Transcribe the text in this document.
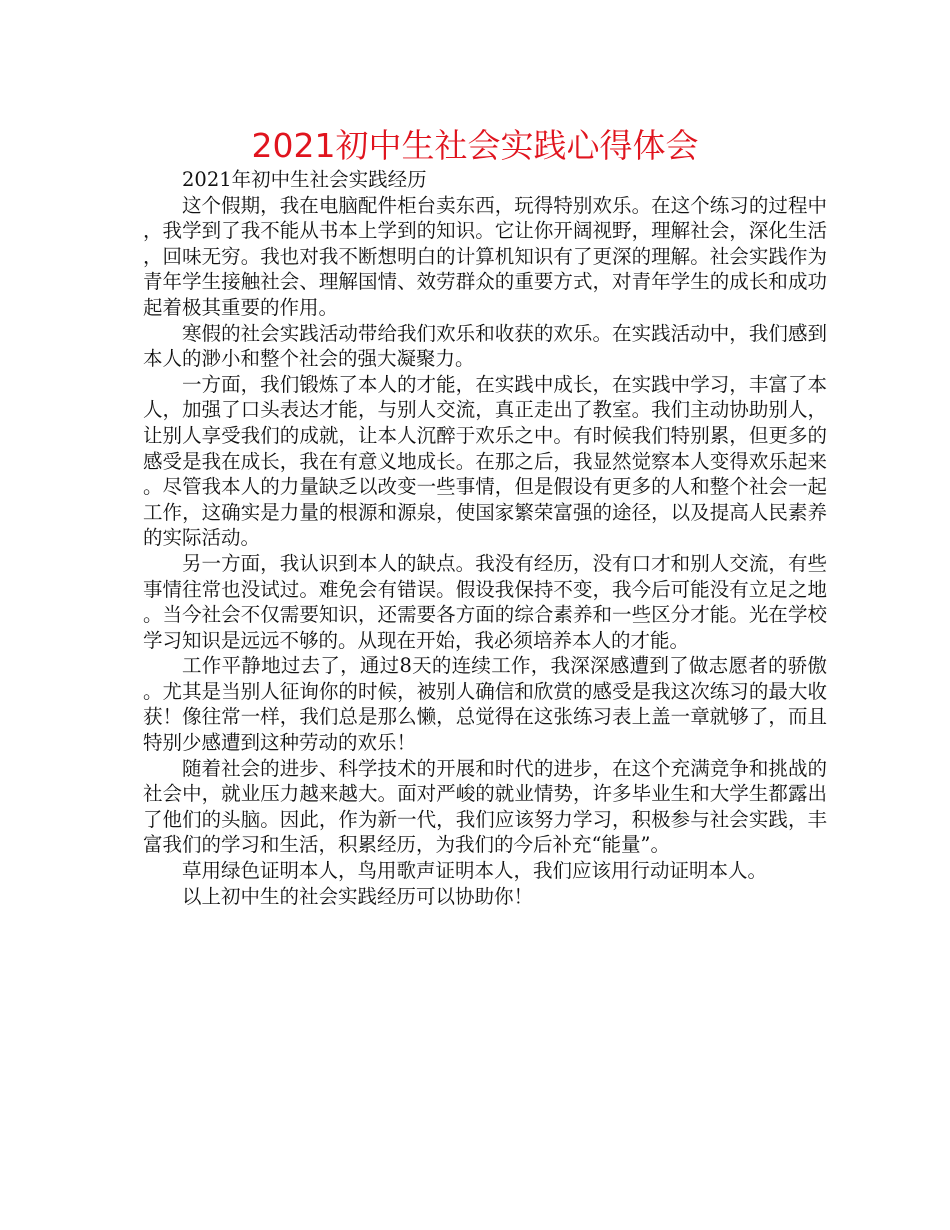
2021初中生社会实践心得体会

2021年初中生社会实践经历

这个假期，我在电脑配件柜台卖东西，玩得特别欢乐。在这个练习的过程中，我学到了我不能从书本上学到的知识。它让你开阔视野，理解社会，深化生活，回味无穷。我也对我不断想明白的计算机知识有了更深的理解。社会实践作为青年学生接触社会、理解国情、效劳群众的重要方式，对青年学生的成长和成功起着极其重要的作用。

寒假的社会实践活动带给我们欢乐和收获的欢乐。在实践活动中，我们感到本人的渺小和整个社会的强大凝聚力。

一方面，我们锻炼了本人的才能，在实践中成长，在实践中学习，丰富了本人，加强了口头表达才能，与别人交流，真正走出了教室。我们主动协助别人，让别人享受我们的成就，让本人沉醉于欢乐之中。有时候我们特别累，但更多的感受是我在成长，我在有意义地成长。在那之后，我显然觉察本人变得欢乐起来。尽管我本人的力量缺乏以改变一些事情，但是假设有更多的人和整个社会一起工作，这确实是力量的根源和源泉，使国家繁荣富强的途径，以及提高人民素养的实际活动。

另一方面，我认识到本人的缺点。我没有经历，没有口才和别人交流，有些事情往常也没试过。难免会有错误。假设我保持不变，我今后可能没有立足之地。当今社会不仅需要知识，还需要各方面的综合素养和一些区分才能。光在学校学习知识是远远不够的。从现在开始，我必须培养本人的才能。

工作平静地过去了，通过8天的连续工作，我深深感遭到了做志愿者的骄傲。尤其是当别人征询你的时候，被别人确信和欣赏的感受是我这次练习的最大收获！像往常一样，我们总是那么懒，总觉得在这张练习表上盖一章就够了，而且特别少感遭到这种劳动的欢乐！

随着社会的进步、科学技术的开展和时代的进步，在这个充满竞争和挑战的社会中，就业压力越来越大。面对严峻的就业情势，许多毕业生和大学生都露出了他们的头脑。因此，作为新一代，我们应该努力学习，积极参与社会实践，丰富我们的学习和生活，积累经历，为我们的今后补充“能量”。

草用绿色证明本人，鸟用歌声证明本人，我们应该用行动证明本人。

以上初中生的社会实践经历可以协助你！
